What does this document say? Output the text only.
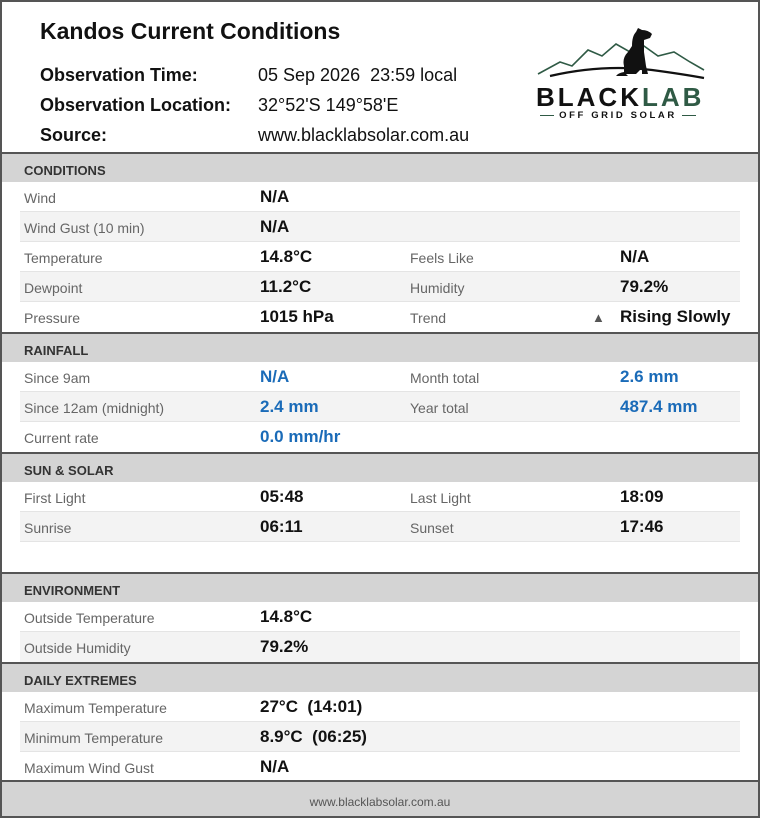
Kandos Current Conditions
Observation Time:	05 Sep 2026  23:59 local
Observation Location: 32°52'S 149°58'E
Source:	www.blacklabsolar.com.au
BLACKLAB
OFF GRID SOLAR
CONDITIONS
Wind	N/A
Wind Gust (10 min)	N/A
Temperature	14.8°C	Feels Like	N/A
Dewpoint	11.2°C	Humidity	79.2%
Pressure	1015 hPa	Trend	▲ Rising Slowly
RAINFALL
Since 9am	N/A	Month total	2.6 mm
Since 12am (midnight)	2.4 mm	Year total	487.4 mm
Current rate	0.0 mm/hr
SUN & SOLAR
First Light	05:48	Last Light	18:09
Sunrise	06:11	Sunset	17:46
ENVIRONMENT
Outside Temperature	14.8°C
Outside Humidity	79.2%
DAILY EXTREMES
Maximum Temperature	27°C  (14:01)
Minimum Temperature	8.9°C  (06:25)
Maximum Wind Gust	N/A
www.blacklabsolar.com.au
